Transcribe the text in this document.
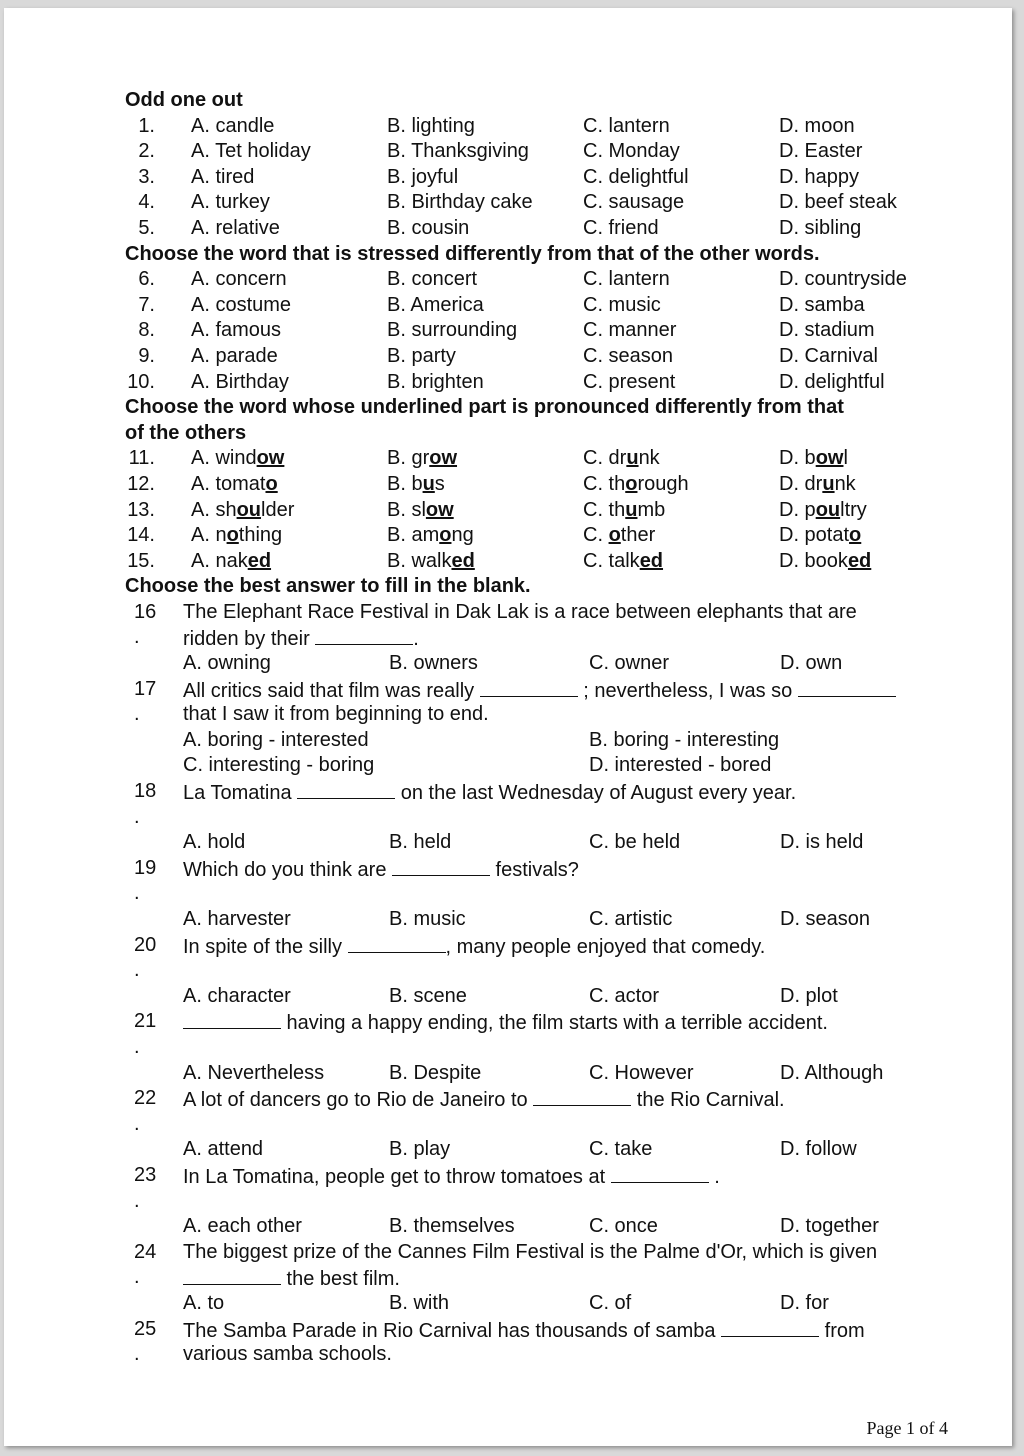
Odd one out
1. A. candle	B. lighting	C. lantern	D. moon
2. A. Tet holiday	B. Thanksgiving	C. Monday	D. Easter
3. A. tired	B. joyful	C. delightful	D. happy
4. A. turkey	B. Birthday cake	C. sausage	D. beef steak
5. A. relative	B. cousin	C. friend	D. sibling
Choose the word that is stressed differently from that of the other words.
6. A. concern	B. concert	C. lantern	D. countryside
7. A. costume	B. America	C. music	D. samba
8. A. famous	B. surrounding	C. manner	D. stadium
9. A. parade	B. party	C. season	D. Carnival
10. A. Birthday	B. brighten	C. present	D. delightful
Choose the word whose underlined part is pronounced differently from that
of the others
11. A. window	B. grow	C. drunk	D. bowl
12. A. tomato	B. bus	C. thorough	D. drunk
13. A. shoulder	B. slow	C. thumb	D. poultry
14. A. nothing	B. among	C. other	D. potato
15. A. naked	B. walked	C. talked	D. booked
Choose the best answer to fill in the blank.
16 The Elephant Race Festival in Dak Lak is a race between elephants that are
.	ridden by their	.
A. owning	B. owners	C. owner	D. own
17 All critics said that film was really	; nevertheless, I was so
.	that I saw it from beginning to end.
A. boring - interested	B. boring - interesting
C. interesting - boring	D. interested - bored
18 La Tomatina	on the last Wednesday of August every year.
.
A. hold	B. held	C. be held	D. is held
19 Which do you think are	festivals?
.
A. harvester	B. music	C. artistic	D. season
20 In spite of the silly	, many people enjoyed that comedy.
.
A. character	B. scene	C. actor	D. plot
21	having a happy ending, the film starts with a terrible accident.
.
A. Nevertheless	B. Despite	C. However	D. Although
22 A lot of dancers go to Rio de Janeiro to	the Rio Carnival.
.
A. attend	B. play	C. take	D. follow
23 In La Tomatina, people get to throw tomatoes at	.
.
A. each other	B. themselves	C. once	D. together
24 The biggest prize of the Cannes Film Festival is the Palme d'Or, which is given
.	the best film.
A. to	B. with	C. of	D. for
25 The Samba Parade in Rio Carnival has thousands of samba	from
.	various samba schools.
Page 1 of 4
